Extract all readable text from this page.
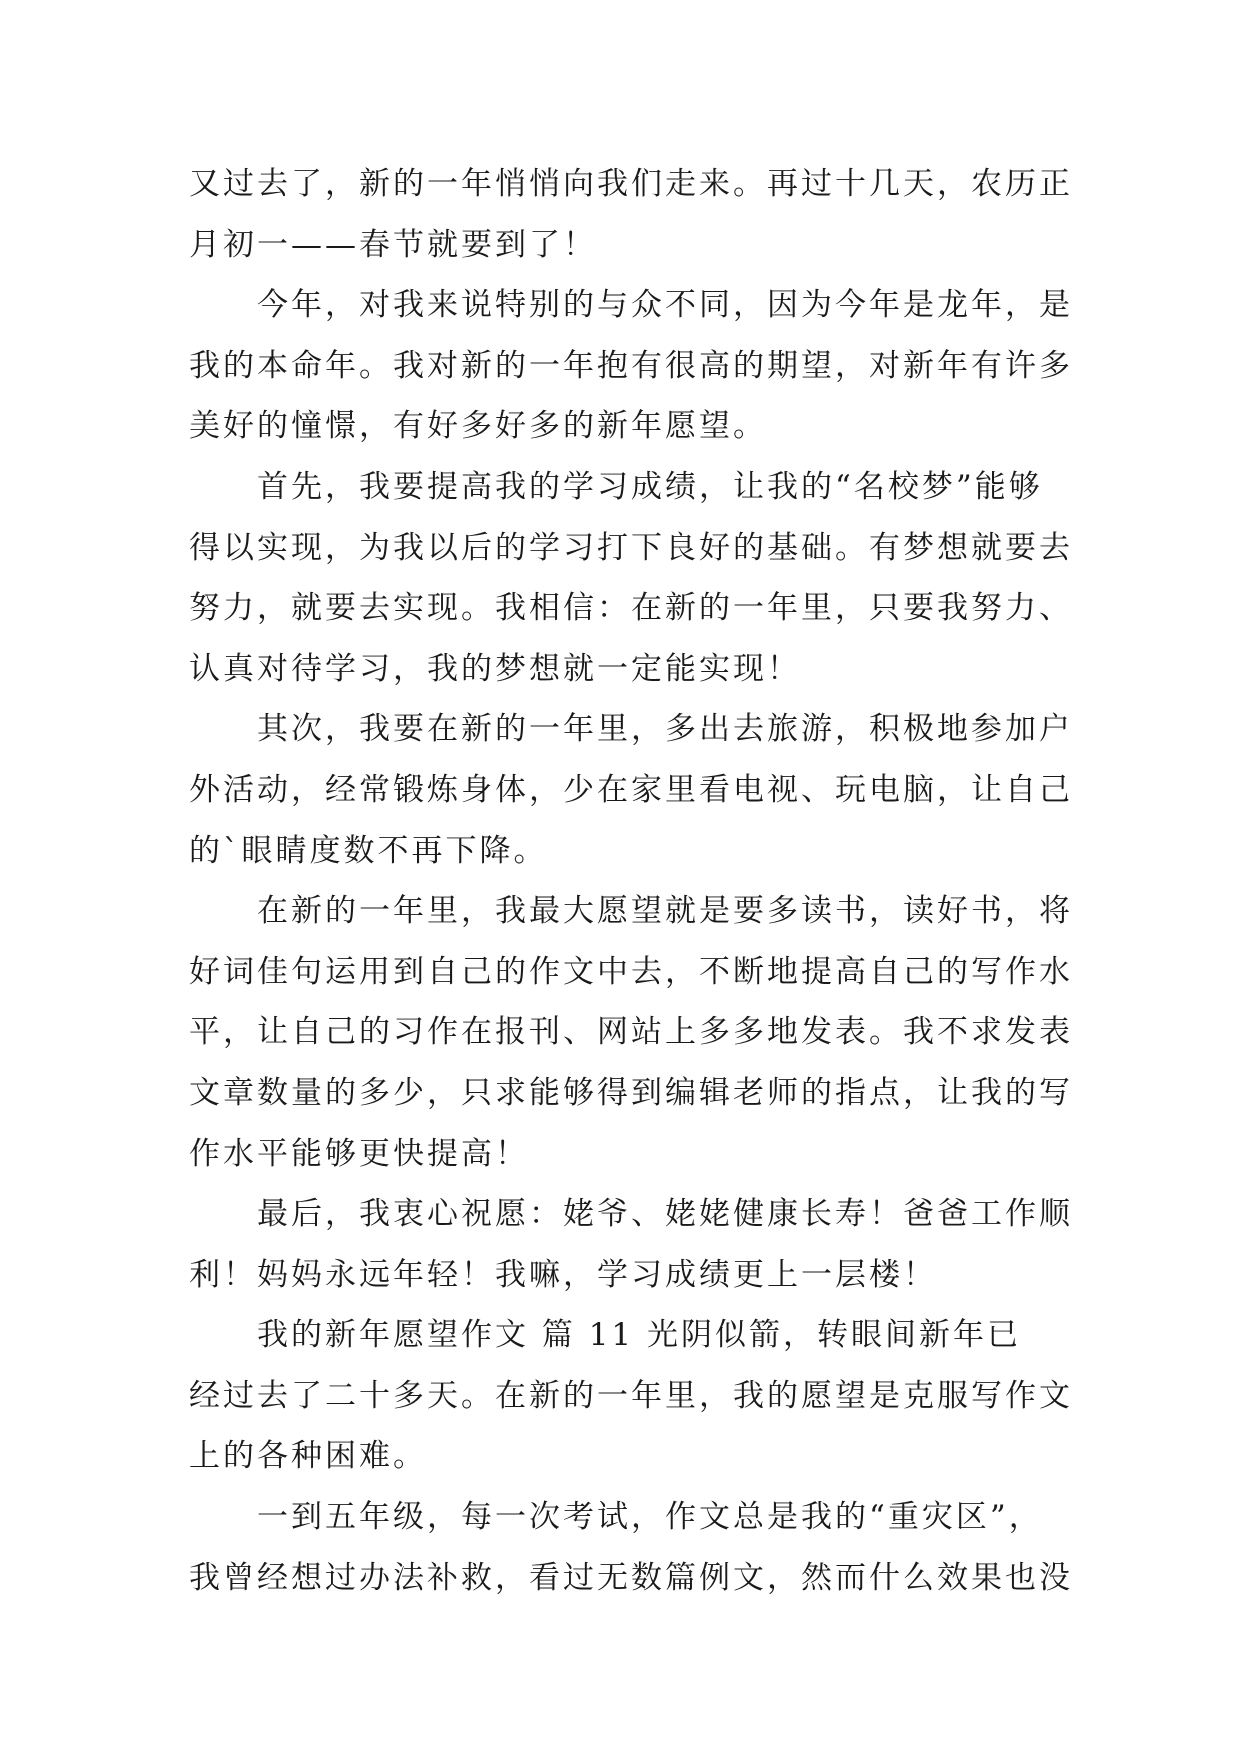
又过去了，新的一年悄悄向我们走来。再过十几天，农历正
月初一——春节就要到了！
今年，对我来说特别的与众不同，因为今年是龙年，是
我的本命年。我对新的一年抱有很高的期望，对新年有许多
美好的憧憬，有好多好多的新年愿望。
首先，我要提高我的学习成绩，让我的“名校梦”能够
得以实现，为我以后的学习打下良好的基础。有梦想就要去
努力，就要去实现。我相信：在新的一年里，只要我努力、
认真对待学习，我的梦想就一定能实现！
其次，我要在新的一年里，多出去旅游，积极地参加户
外活动，经常锻炼身体，少在家里看电视、玩电脑，让自己
的`眼睛度数不再下降。
在新的一年里，我最大愿望就是要多读书，读好书，将
好词佳句运用到自己的作文中去，不断地提高自己的写作水
平，让自己的习作在报刊、网站上多多地发表。我不求发表
文章数量的多少，只求能够得到编辑老师的指点，让我的写
作水平能够更快提高！
最后，我衷心祝愿：姥爷、姥姥健康长寿！爸爸工作顺
利！妈妈永远年轻！我嘛，学习成绩更上一层楼！
我的新年愿望作文 篇 11 光阴似箭，转眼间新年已
经过去了二十多天。在新的一年里，我的愿望是克服写作文
上的各种困难。
一到五年级，每一次考试，作文总是我的“重灾区”，
我曾经想过办法补救，看过无数篇例文，然而什么效果也没
